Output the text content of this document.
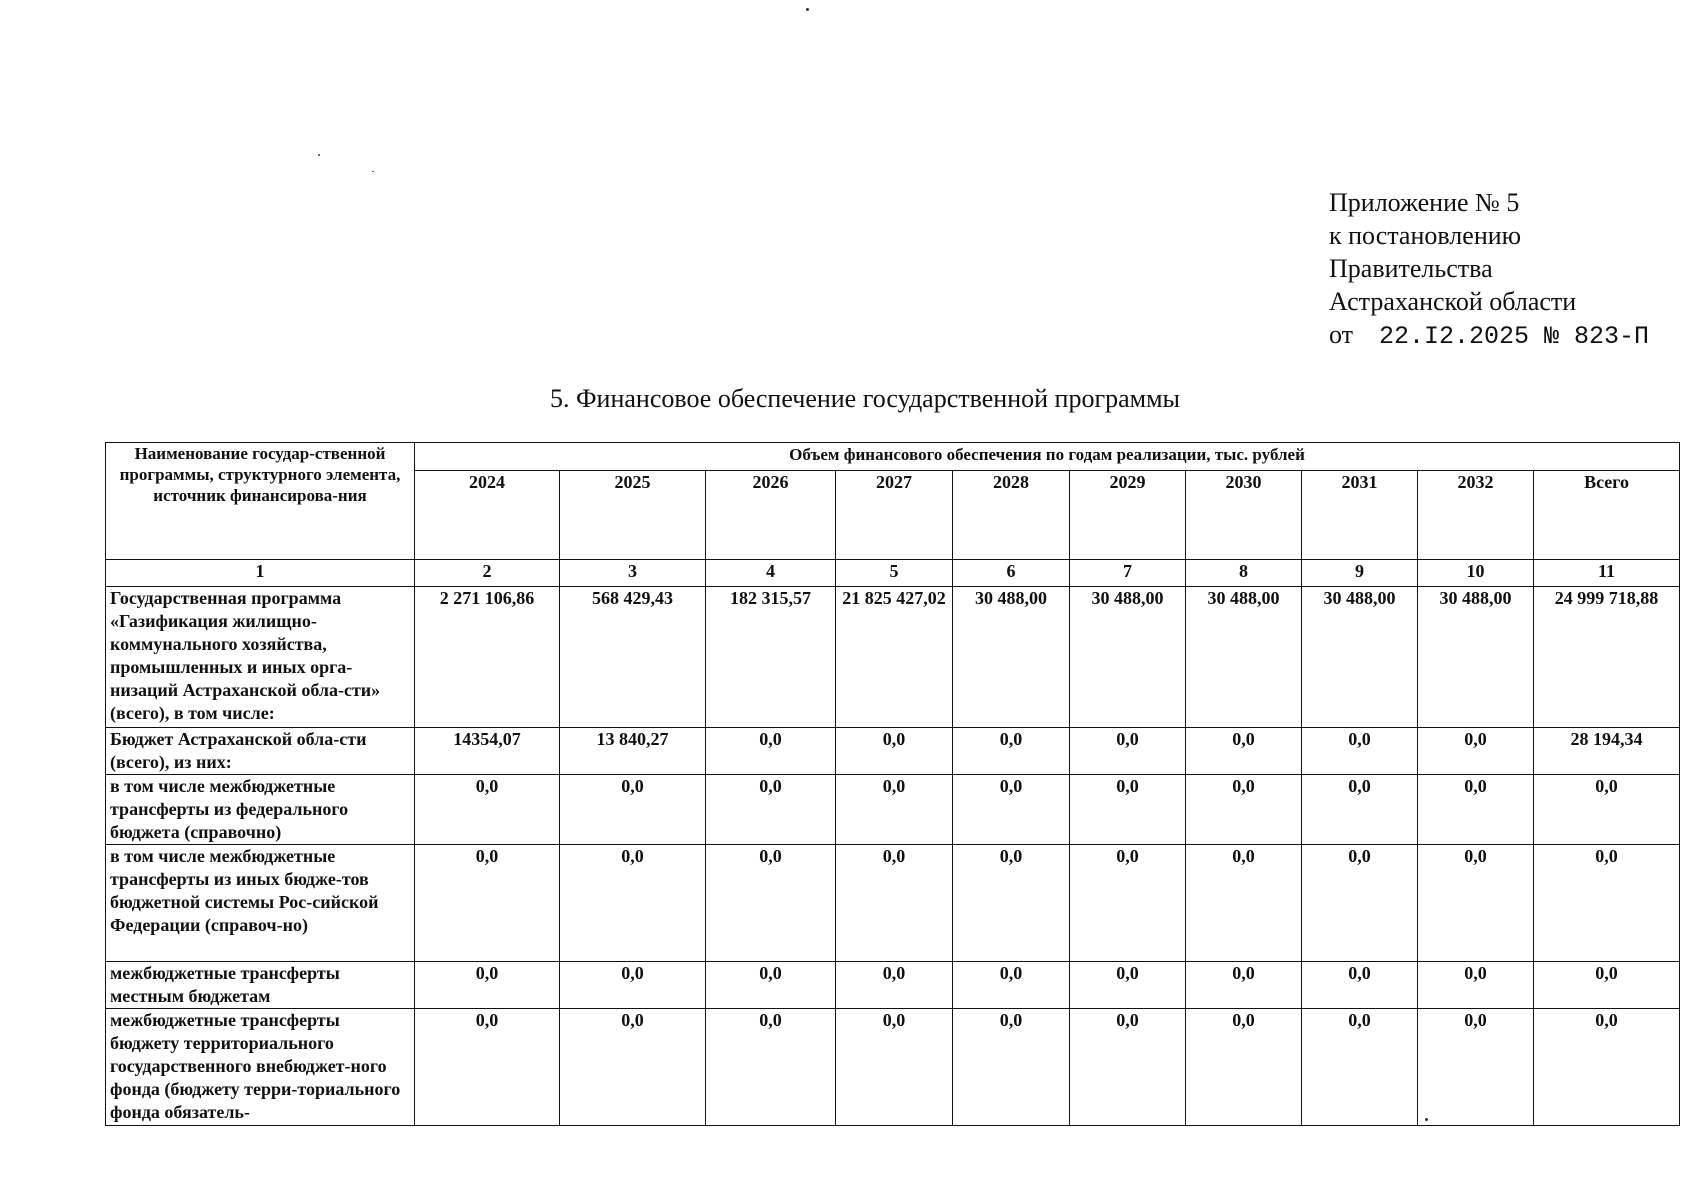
Приложение № 5
к постановлению
Правительства
Астраханской области
от	22.I2.2025 № 823-П
5. Финансовое обеспечение государственной программы
Наименование государ-ственной программы, структурного элемента, источник финансирова-ния	Объем финансового обеспечения по годам реализации, тыс. рублей									
	2024	2025	2026	2027	2028	2029	2030	2031	2032	Всего
1	2	3	4	5	6	7	8	9	10	11
Государственная программа «Газификация жилищно-коммунального хозяйства, промышленных и иных орга-низаций Астраханской обла-сти» (всего), в том числе:	2 271 106,86	568 429,43	182 315,57	21 825 427,02	30 488,00	30 488,00	30 488,00	30 488,00	30 488,00	24 999 718,88
Бюджет Астраханской обла-сти (всего), из них:	14354,07	13 840,27	0,0	0,0	0,0	0,0	0,0	0,0	0,0	28 194,34
в том числе межбюджетные трансферты из федерального бюджета (справочно)	0,0	0,0	0,0	0,0	0,0	0,0	0,0	0,0	0,0	0,0
в том числе межбюджетные трансферты из иных бюдже-тов бюджетной системы Рос-сийской Федерации (справоч-но)	0,0	0,0	0,0	0,0	0,0	0,0	0,0	0,0	0,0	0,0
межбюджетные трансферты местным бюджетам	0,0	0,0	0,0	0,0	0,0	0,0	0,0	0,0	0,0	0,0
межбюджетные трансферты бюджету территориального государственного внебюджет-ного фонда (бюджету терри-ториального фонда обязатель-	0,0	0,0	0,0	0,0	0,0	0,0	0,0	0,0	0,0	0,0
